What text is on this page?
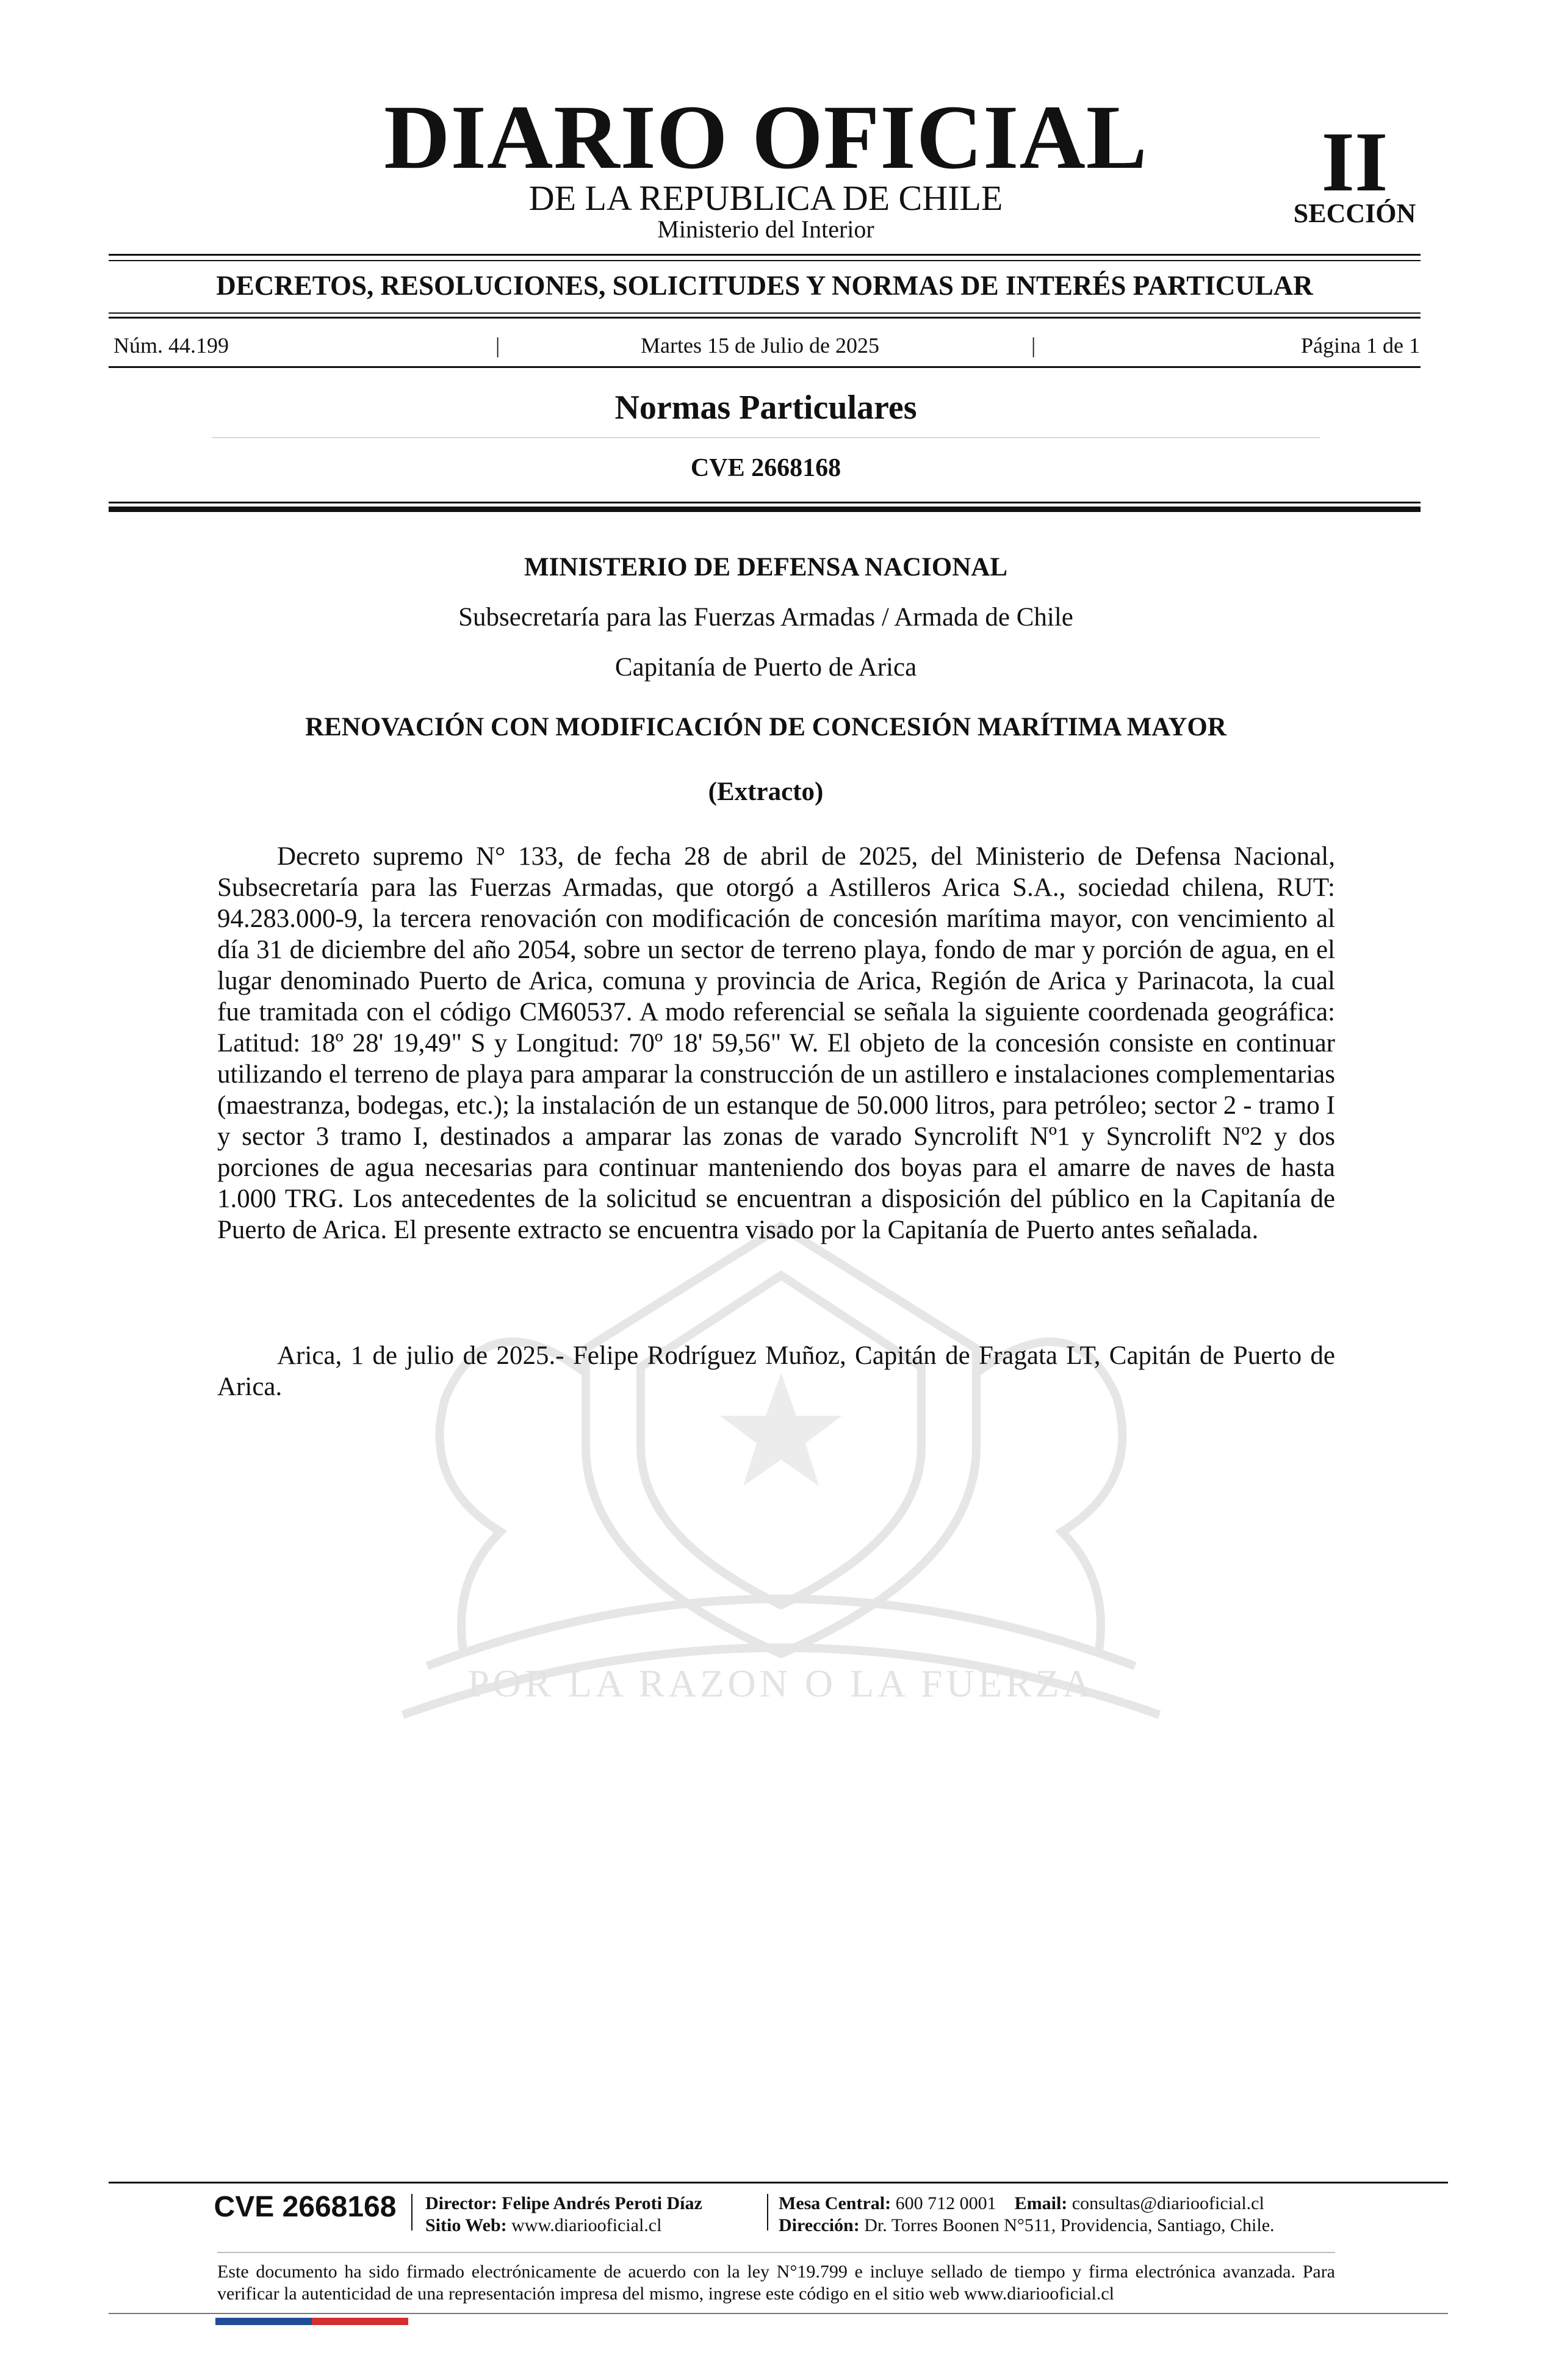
DIARIO OFICIAL
DE LA REPUBLICA DE CHILE
Ministerio del Interior
II
SECCIÓN
DECRETOS, RESOLUCIONES, SOLICITUDES Y NORMAS DE INTERÉS PARTICULAR
Núm. 44.199	|	Martes 15 de Julio de 2025	|	Página 1 de 1
Normas Particulares
CVE 2668168
POR LA RAZON O LA FUERZA
MINISTERIO DE DEFENSA NACIONAL
Subsecretaría para las Fuerzas Armadas / Armada de Chile
Capitanía de Puerto de Arica
RENOVACIÓN CON MODIFICACIÓN DE CONCESIÓN MARÍTIMA MAYOR
(Extracto)
Decreto supremo N° 133, de fecha 28 de abril de 2025, del Ministerio de Defensa Nacional, Subsecretaría para las Fuerzas Armadas, que otorgó a Astilleros Arica S.A., sociedad chilena, RUT: 94.283.000-9, la tercera renovación con modificación de concesión marítima mayor, con vencimiento al día 31 de diciembre del año 2054, sobre un sector de terreno playa, fondo de mar y porción de agua, en el lugar denominado Puerto de Arica, comuna y provincia de Arica, Región de Arica y Parinacota, la cual fue tramitada con el código CM60537. A modo referencial se señala la siguiente coordenada geográfica: Latitud: 18º 28' 19,49" S y Longitud: 70º 18' 59,56" W. El objeto de la concesión consiste en continuar utilizando el terreno de playa para amparar la construcción de un astillero e instalaciones complementarias (maestranza, bodegas, etc.); la instalación de un estanque de 50.000 litros, para petróleo; sector 2 - tramo I y sector 3 tramo I, destinados a amparar las zonas de varado Syncrolift Nº1 y Syncrolift Nº2 y dos porciones de agua necesarias para continuar manteniendo dos boyas para el amarre de naves de hasta 1.000 TRG. Los antecedentes de la solicitud se encuentran a disposición del público en la Capitanía de Puerto de Arica. El presente extracto se encuentra visado por la Capitanía de Puerto antes señalada.
Arica, 1 de julio de 2025.- Felipe Rodríguez Muñoz, Capitán de Fragata LT, Capitán de Puerto de Arica.
CVE 2668168	Director: Felipe Andrés Peroti Díaz
Sitio Web: www.diariooficial.cl
Mesa Central: 600 712 0001 Email: consultas@diariooficial.cl
Dirección: Dr. Torres Boonen N°511, Providencia, Santiago, Chile.
Este documento ha sido firmado electrónicamente de acuerdo con la ley N°19.799 e incluye sellado de tiempo y firma electrónica avanzada. Para verificar la autenticidad de una representación impresa del mismo, ingrese este código en el sitio web www.diariooficial.cl
